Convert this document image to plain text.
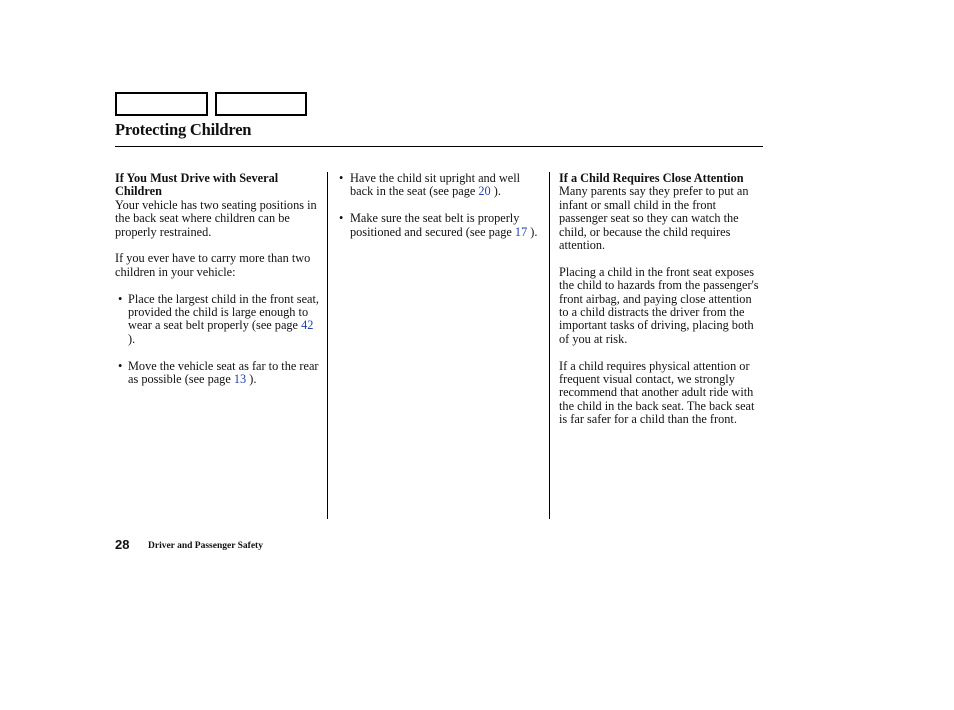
Protecting Children
If You Must Drive with Several Children

Your vehicle has two seating positions in the back seat where children can be properly restrained.

If you ever have to carry more than two children in your vehicle:

• Place the largest child in the front seat, provided the child is large enough to wear a seat belt properly (see page 42 ).
• Move the vehicle seat as far to the rear as possible (see page 13 ).
• Have the child sit upright and well back in the seat (see page 20 ).
• Make sure the seat belt is properly positioned and secured (see page 17 ).
If a Child Requires Close Attention

Many parents say they prefer to put an infant or small child in the front passenger seat so they can watch the child, or because the child requires attention.

Placing a child in the front seat exposes the child to hazards from the passenger's front airbag, and paying close attention to a child distracts the driver from the important tasks of driving, placing both of you at risk.

If a child requires physical attention or frequent visual contact, we strongly recommend that another adult ride with the child in the back seat. The back seat is far safer for a child than the front.

28 Driver and Passenger Safety
